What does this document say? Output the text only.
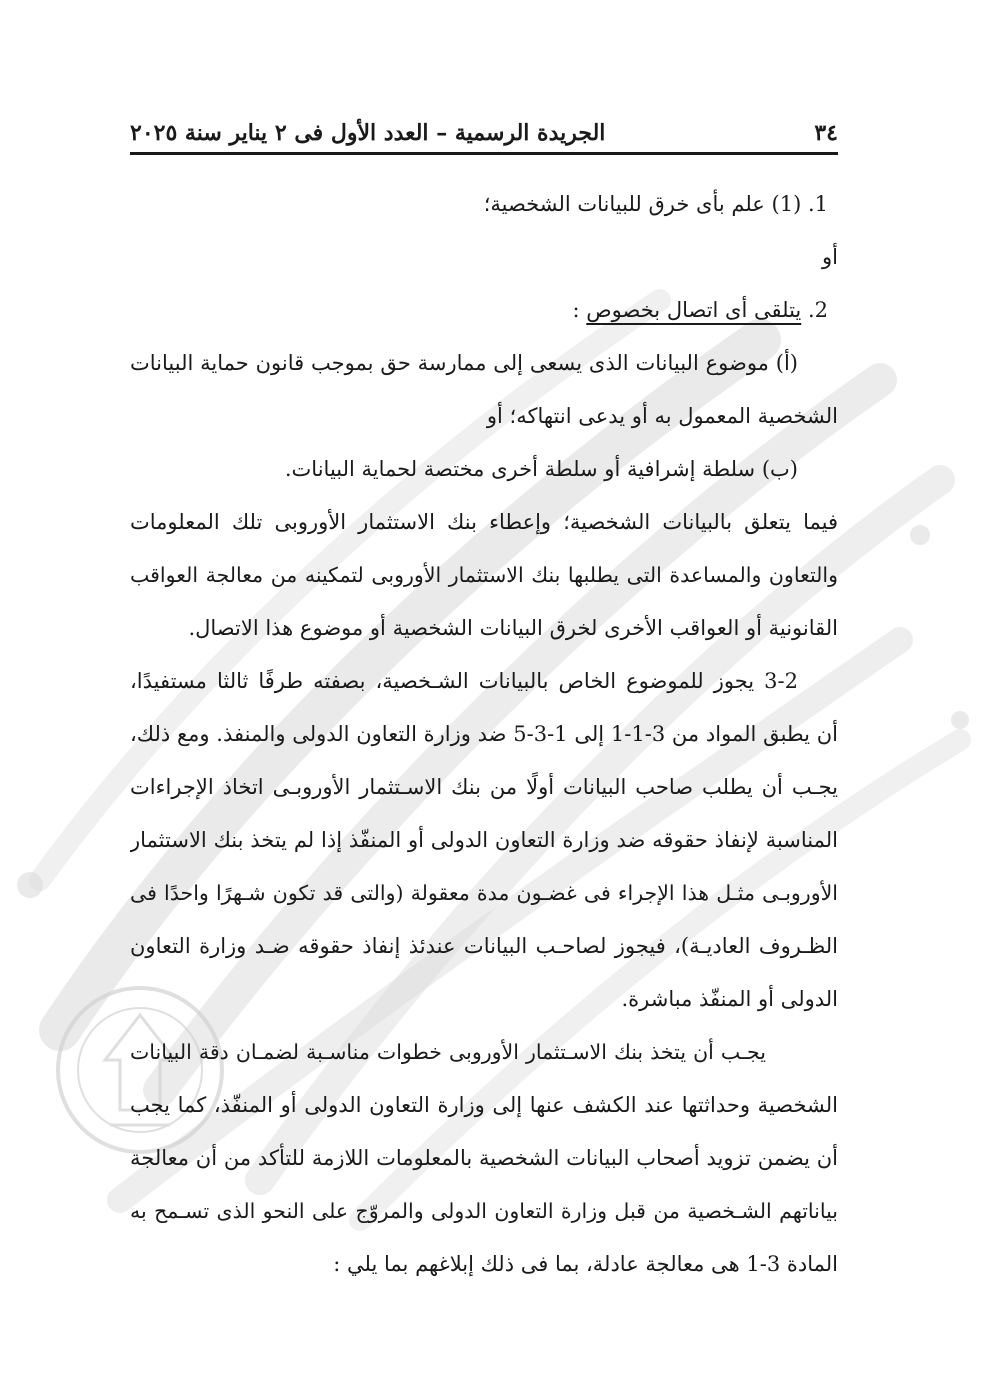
٣٤
الجريدة الرسمية – العدد الأول فى ٢ يناير سنة ٢٠٢٥
1. (1) علم بأى خرق للبيانات الشخصية؛
أو
2. يتلقى أى اتصال بخصوص :
(أ) موضوع البيانات الذى يسعى إلى ممارسة حق بموجب قانون حماية البيانات
الشخصية المعمول به أو يدعى انتهاكه؛ أو
(ب) سلطة إشرافية أو سلطة أخرى مختصة لحماية البيانات.
فيما يتعلق بالبيانات الشخصية؛ وإعطاء بنك الاستثمار الأوروبى تلك المعلومات
والتعاون والمساعدة التى يطلبها بنك الاستثمار الأوروبى لتمكينه من معالجة العواقب
القانونية أو العواقب الأخرى لخرق البيانات الشخصية أو موضوع هذا الاتصال.
3-2 يجوز للموضوع الخاص بالبيانات الشـخصية، بصفته طرفًا ثالثا مستفيدًا،
أن يطبق المواد من 3-1-1 إلى 1-3-5 ضد وزارة التعاون الدولى والمنفذ. ومع ذلك،
يجـب أن يطلب صاحب البيانات أولًا من بنك الاسـتثمار الأوروبـى اتخاذ الإجراءات
المناسبة لإنفاذ حقوقه ضد وزارة التعاون الدولى أو المنفّذ إذا لم يتخذ بنك الاستثمار
الأوروبـى مثـل هذا الإجراء فى غضـون مدة معقولة (والتى قد تكون شـهرًا واحدًا فى
الظـروف العاديـة)، فيجوز لصاحـب البيانات عندئذ إنفاذ حقوقه ضـد وزارة التعاون
الدولى أو المنفّذ مباشرة.
يجـب أن يتخذ بنك الاسـتثمار الأوروبى خطوات مناسـبة لضمـان دقة البيانات
الشخصية وحداثتها عند الكشف عنها إلى وزارة التعاون الدولى أو المنفّذ، كما يجب
أن يضمن تزويد أصحاب البيانات الشخصية بالمعلومات اللازمة للتأكد من أن معالجة
بياناتهم الشـخصية من قبل وزارة التعاون الدولى والمروّج على النحو الذى تسـمح به
المادة 3-1 هى معالجة عادلة، بما فى ذلك إبلاغهم بما يلي :
